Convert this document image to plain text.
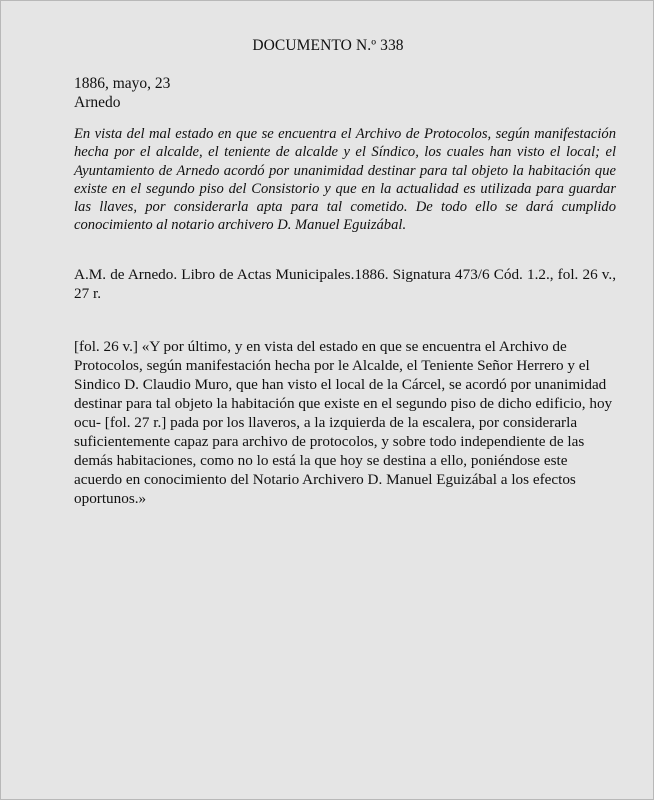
DOCUMENTO N.º 338
1886, mayo, 23
Arnedo
En vista del mal estado en que se encuentra el Archivo de Protocolos, según manifestación hecha por el alcalde, el teniente de alcalde y el Síndico, los cuales han visto el local; el Ayuntamiento de Arnedo acordó por unanimidad destinar para tal objeto la habitación que existe en el segundo piso del Consistorio y que en la actualidad es utilizada para guardar las llaves, por considerarla apta para tal cometido. De todo ello se dará cumplido conocimiento al notario archivero D. Manuel Eguizábal.
A.M. de Arnedo. Libro de Actas Municipales.1886. Signatura 473/6 Cód. 1.2., fol. 26 v., 27 r.
[fol. 26 v.] «Y por último, y en vista del estado en que se encuentra el Archivo de Protocolos, según manifestación hecha por le Alcalde, el Teniente Señor Herrero y el Sindico D. Claudio Muro, que han visto el local de la Cárcel, se acordó por unanimidad destinar para tal objeto la habitación que existe en el segundo piso de dicho edificio, hoy ocu- [fol. 27 r.] pada por los llaveros, a la izquierda de la escalera, por considerarla suficientemente capaz para archivo de protocolos, y sobre todo independiente de las demás habitaciones, como no lo está la que hoy se destina a ello, poniéndose este acuerdo en conocimiento del Notario Archivero D. Manuel Eguizábal a los efectos oportunos.»
